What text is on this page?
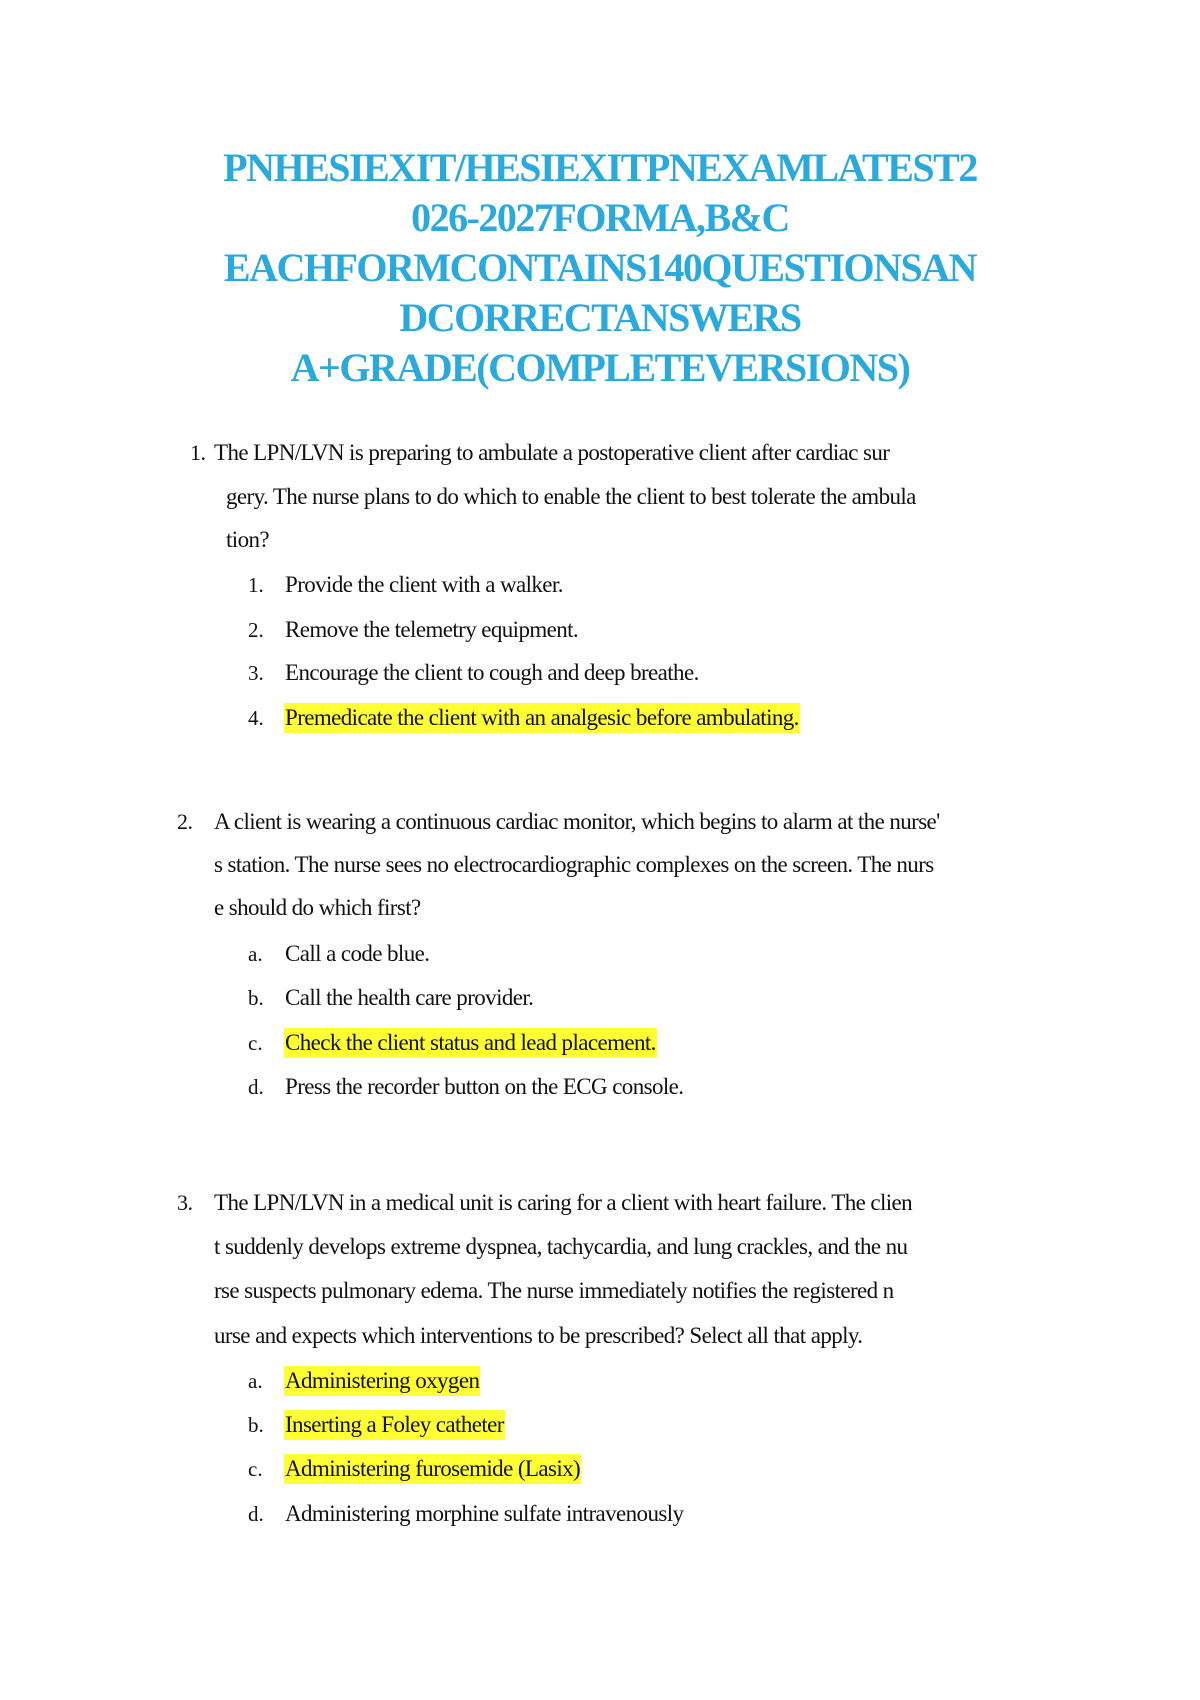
PNHESIEXIT/HESIEXITPNEXAMLATEST2
026-2027FORMA,B&C
EACHFORMCONTAINS140QUESTIONSAN
DCORRECTANSWERS
A+GRADE(COMPLETEVERSIONS)
1. The LPN/LVN is preparing to ambulate a postoperative client after cardiac sur
gery. The nurse plans to do which to enable the client to best tolerate the ambula
tion?
1. Provide the client with a walker.
2. Remove the telemetry equipment.
3. Encourage the client to cough and deep breathe.
4. Premedicate the client with an analgesic before ambulating.
2. A client is wearing a continuous cardiac monitor, which begins to alarm at the nurse'
s station. The nurse sees no electrocardiographic complexes on the screen. The nurs
e should do which first?
a. Call a code blue.
b. Call the health care provider.
c. Check the client status and lead placement.
d. Press the recorder button on the ECG console.
3. The LPN/LVN in a medical unit is caring for a client with heart failure. The clien
t suddenly develops extreme dyspnea, tachycardia, and lung crackles, and the nu
rse suspects pulmonary edema. The nurse immediately notifies the registered n
urse and expects which interventions to be prescribed? Select all that apply.
a. Administering oxygen
b. Inserting a Foley catheter
c. Administering furosemide (Lasix)
d. Administering morphine sulfate intravenously
